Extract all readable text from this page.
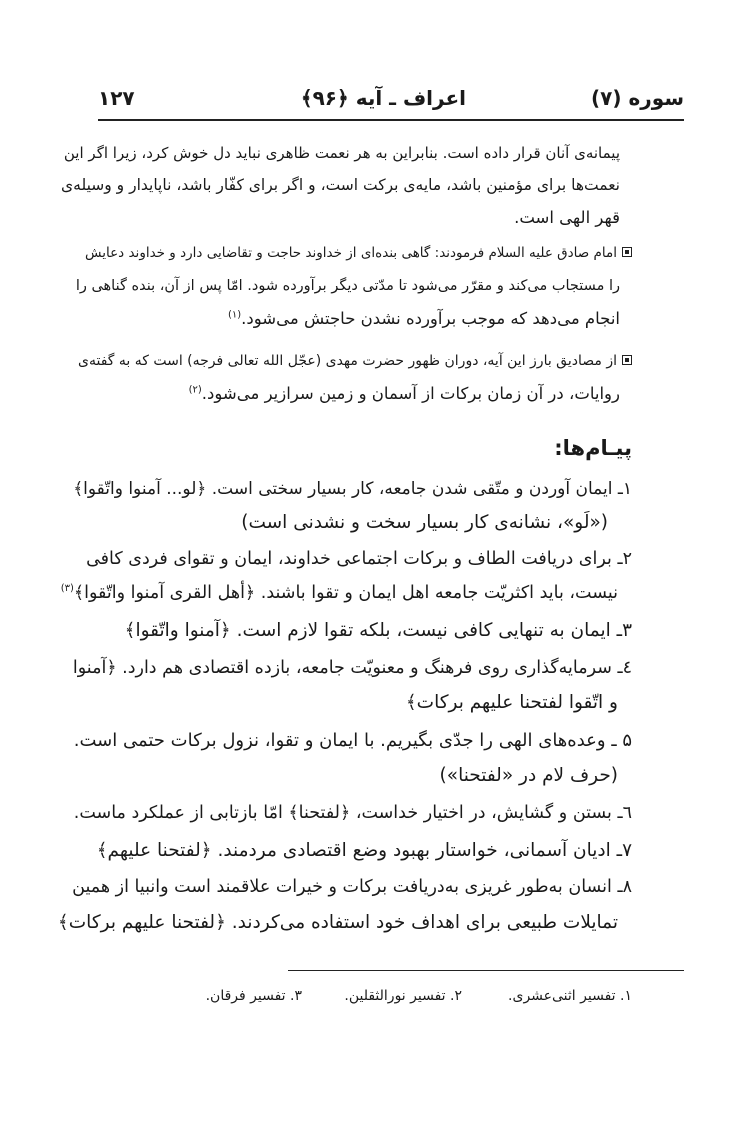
سوره (۷)
اعراف ـ آیه ﴿۹۶﴾
۱۲۷
پیمانه‌ی آنان قرار داده است. بنابراین به هر نعمت ظاهری نباید دل خوش کرد، زیرا اگر این
نعمت‌ها برای مؤمنین باشد، مایه‌ی برکت است، و اگر برای کفّار باشد، ناپایدار و وسیله‌ی
قهر الهی است.
امام صادق علیه السلام فرمودند: گاهی بنده‌ای از خداوند حاجت و تقاضایی دارد و خداوند دعایش
را مستجاب می‌کند و مقرّر می‌شود تا مدّتی دیگر برآورده شود. امّا پس از آن، بنده گناهی را
انجام می‌دهد که موجب برآورده نشدن حاجتش می‌شود.$^{(۱)}$
از مصادیق بارز این آیه، دوران ظهور حضرت مهدی (عجّل الله تعالی فرجه) است که به گفته‌ی
روایات، در آن زمان برکات از آسمان و زمین سرازیر می‌شود.$^{(۲)}$
پیـام‌ها:
۱ـ ایمان آوردن و متّقی شدن جامعه، کار بسیار سختی است. ﴿لو... آمنوا واتّقوا﴾
(«لَو»، نشانه‌ی کار بسیار سخت و نشدنی است)
۲ـ برای دریافت الطاف و برکات اجتماعی خداوند، ایمان و تقوای فردی کافی
نیست، باید اکثریّت جامعه اهل ایمان و تقوا باشند. ﴿أهل القری آمنوا واتّقوا﴾$^{(۳)}$
۳ـ ایمان به تنهایی کافی نیست، بلکه تقوا لازم است. ﴿آمنوا واتّقوا﴾
٤ـ سرمایه‌گذاری روی فرهنگ و معنویّت جامعه، بازده اقتصادی هم دارد. ﴿آمنوا
و اتّقوا لفتحنا علیهم برکات﴾
۵ ـ وعده‌های الهی را جدّی بگیریم. با ایمان و تقوا، نزول برکات حتمی است.
(حرف لام در «لفتحنا»)
٦ـ بستن و گشایش، در اختیار خداست، ﴿لفتحنا﴾ امّا بازتابی از عملکرد ماست.
۷ـ ادیان آسمانی، خواستار بهبود وضع اقتصادی مردمند. ﴿لفتحنا علیهم﴾
۸ـ انسان به‌طور غریزی به‌دریافت برکات و خیرات علاقمند است وانبیا از همین
تمایلات طبیعی برای اهداف خود استفاده می‌کردند. ﴿لفتحنا علیهم برکات﴾
۱. تفسیر اثنی‌عشری.
۲. تفسیر نورالثقلین.
۳. تفسیر فرقان.
